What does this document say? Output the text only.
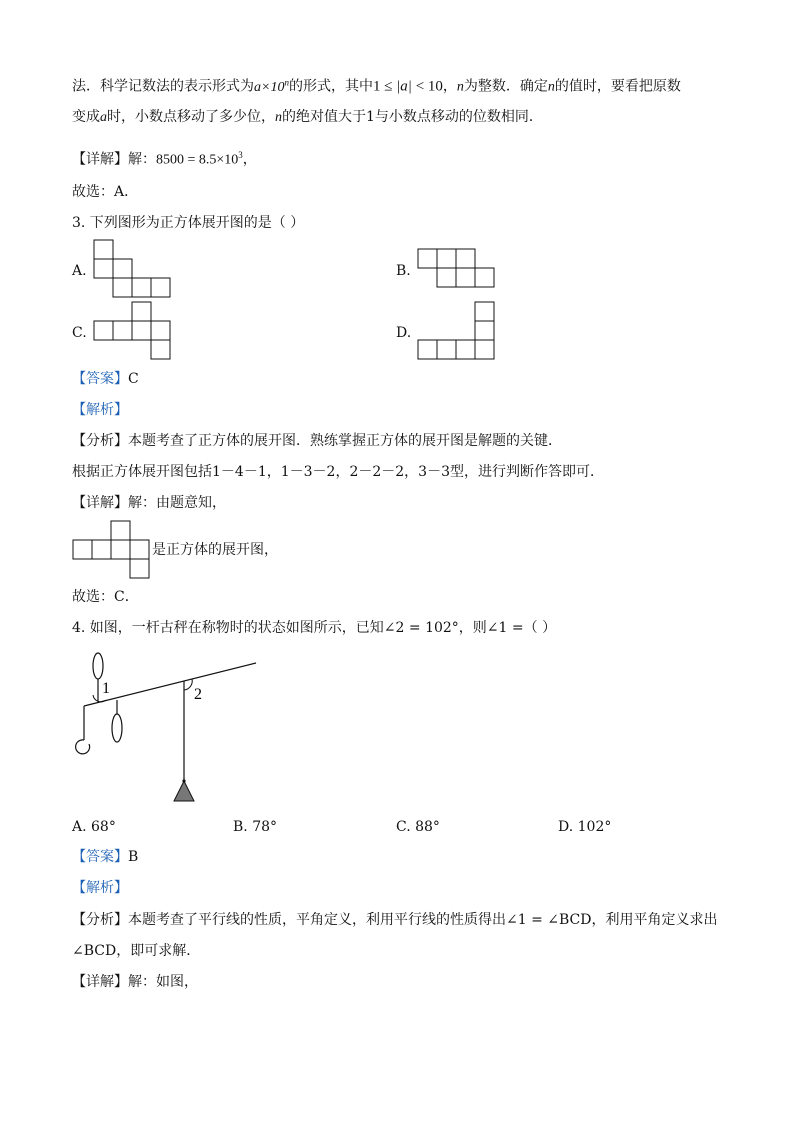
法．科学记数法的表示形式为$a\times 10^n$的形式，其中1 ≤ |a| < 10，n为整数．确定n的值时，要看把原数
变成a时，小数点移动了多少位，n的绝对值大于1与小数点移动的位数相同．
【详解】解：$8500 = 8.5\times 10^3$，
故选：A．
3. 下列图形为正方体展开图的是（ ）
A.	B.
C.	D.
【答案】C
【解析】
【分析】本题考查了正方体的展开图．熟练掌握正方体的展开图是解题的关键．
根据正方体展开图包括1－4－1，1－3－2，2－2－2，3－3型，进行判断作答即可．
【详解】解：由题意知，
是正方体的展开图，
故选：C．
4. 如图，一杆古秤在称物时的状态如图所示，已知∠2 = 102°，则∠1 =（ ）
1	2
A. 68°	B. 78°	C. 88°	D. 102°
【答案】B
【解析】
【分析】本题考查了平行线的性质，平角定义，利用平行线的性质得出∠1 = ∠BCD，利用平角定义求出
∠BCD，即可求解．
【详解】解：如图，
